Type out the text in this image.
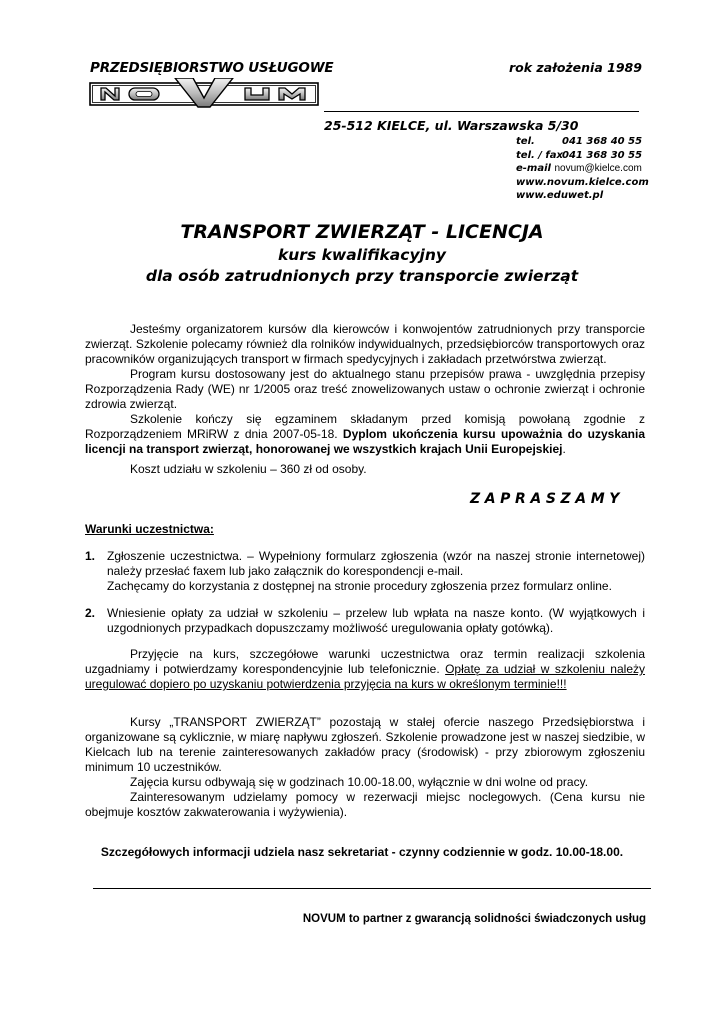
PRZEDSIĘBIORSTWO USŁUGOWE	rok założenia 1989
25-512 KIELCE, ul. Warszawska 5/30
tel.	041 368 40 55
tel. / fax041 368 30 55
e-mail novum@kielce.com
www.novum.kielce.com
www.eduwet.pl
TRANSPORT ZWIERZĄT - LICENCJA
kurs kwalifikacyjny
dla osób zatrudnionych przy transporcie zwierząt
Jesteśmy organizatorem kursów dla kierowców i konwojentów zatrudnionych przy transporcie zwierząt. Szkolenie polecamy również dla rolników indywidualnych, przedsiębiorców transportowych oraz pracowników organizujących transport w firmach spedycyjnych i zakładach przetwórstwa zwierząt.
Program kursu dostosowany jest do aktualnego stanu przepisów prawa - uwzględnia przepisy Rozporządzenia Rady (WE) nr 1/2005 oraz treść znowelizowanych ustaw o ochronie zwierząt i ochronie zdrowia zwierząt.
Szkolenie kończy się egzaminem składanym przed komisją powołaną zgodnie z Rozporządzeniem MRiRW z dnia 2007-05-18. Dyplom ukończenia kursu upoważnia do uzyskania licencji na transport zwierząt, honorowanej we wszystkich krajach Unii Europejskiej.
Koszt udziału w szkoleniu – 360 zł od osoby.
ZAPRASZAMY
Warunki uczestnictwa:
1. Zgłoszenie uczestnictwa. – Wypełniony formularz zgłoszenia (wzór na naszej stronie internetowej) należy przesłać faxem lub jako załącznik do korespondencji e-mail.
Zachęcamy do korzystania z dostępnej na stronie procedury zgłoszenia przez formularz online.
2. Wniesienie opłaty za udział w szkoleniu – przelew lub wpłata na nasze konto. (W wyjątkowych i uzgodnionych przypadkach dopuszczamy możliwość uregulowania opłaty gotówką).
Przyjęcie na kurs, szczegółowe warunki uczestnictwa oraz termin realizacji szkolenia uzgadniamy i potwierdzamy korespondencyjnie lub telefonicznie. Opłatę za udział w szkoleniu należy uregulować dopiero po uzyskaniu potwierdzenia przyjęcia na kurs w określonym terminie!!!
Kursy „TRANSPORT ZWIERZĄT” pozostają w stałej ofercie naszego Przedsiębiorstwa i organizowane są cyklicznie, w miarę napływu zgłoszeń. Szkolenie prowadzone jest w naszej siedzibie, w Kielcach lub na terenie zainteresowanych zakładów pracy (środowisk) - przy zbiorowym zgłoszeniu minimum 10 uczestników.
Zajęcia kursu odbywają się w godzinach 10.00-18.00, wyłącznie w dni wolne od pracy.
Zainteresowanym udzielamy pomocy w rezerwacji miejsc noclegowych. (Cena kursu nie obejmuje kosztów zakwaterowania i wyżywienia).
Szczegółowych informacji udziela nasz sekretariat - czynny codziennie w godz. 10.00-18.00.
NOVUM to partner z gwarancją solidności świadczonych usług
